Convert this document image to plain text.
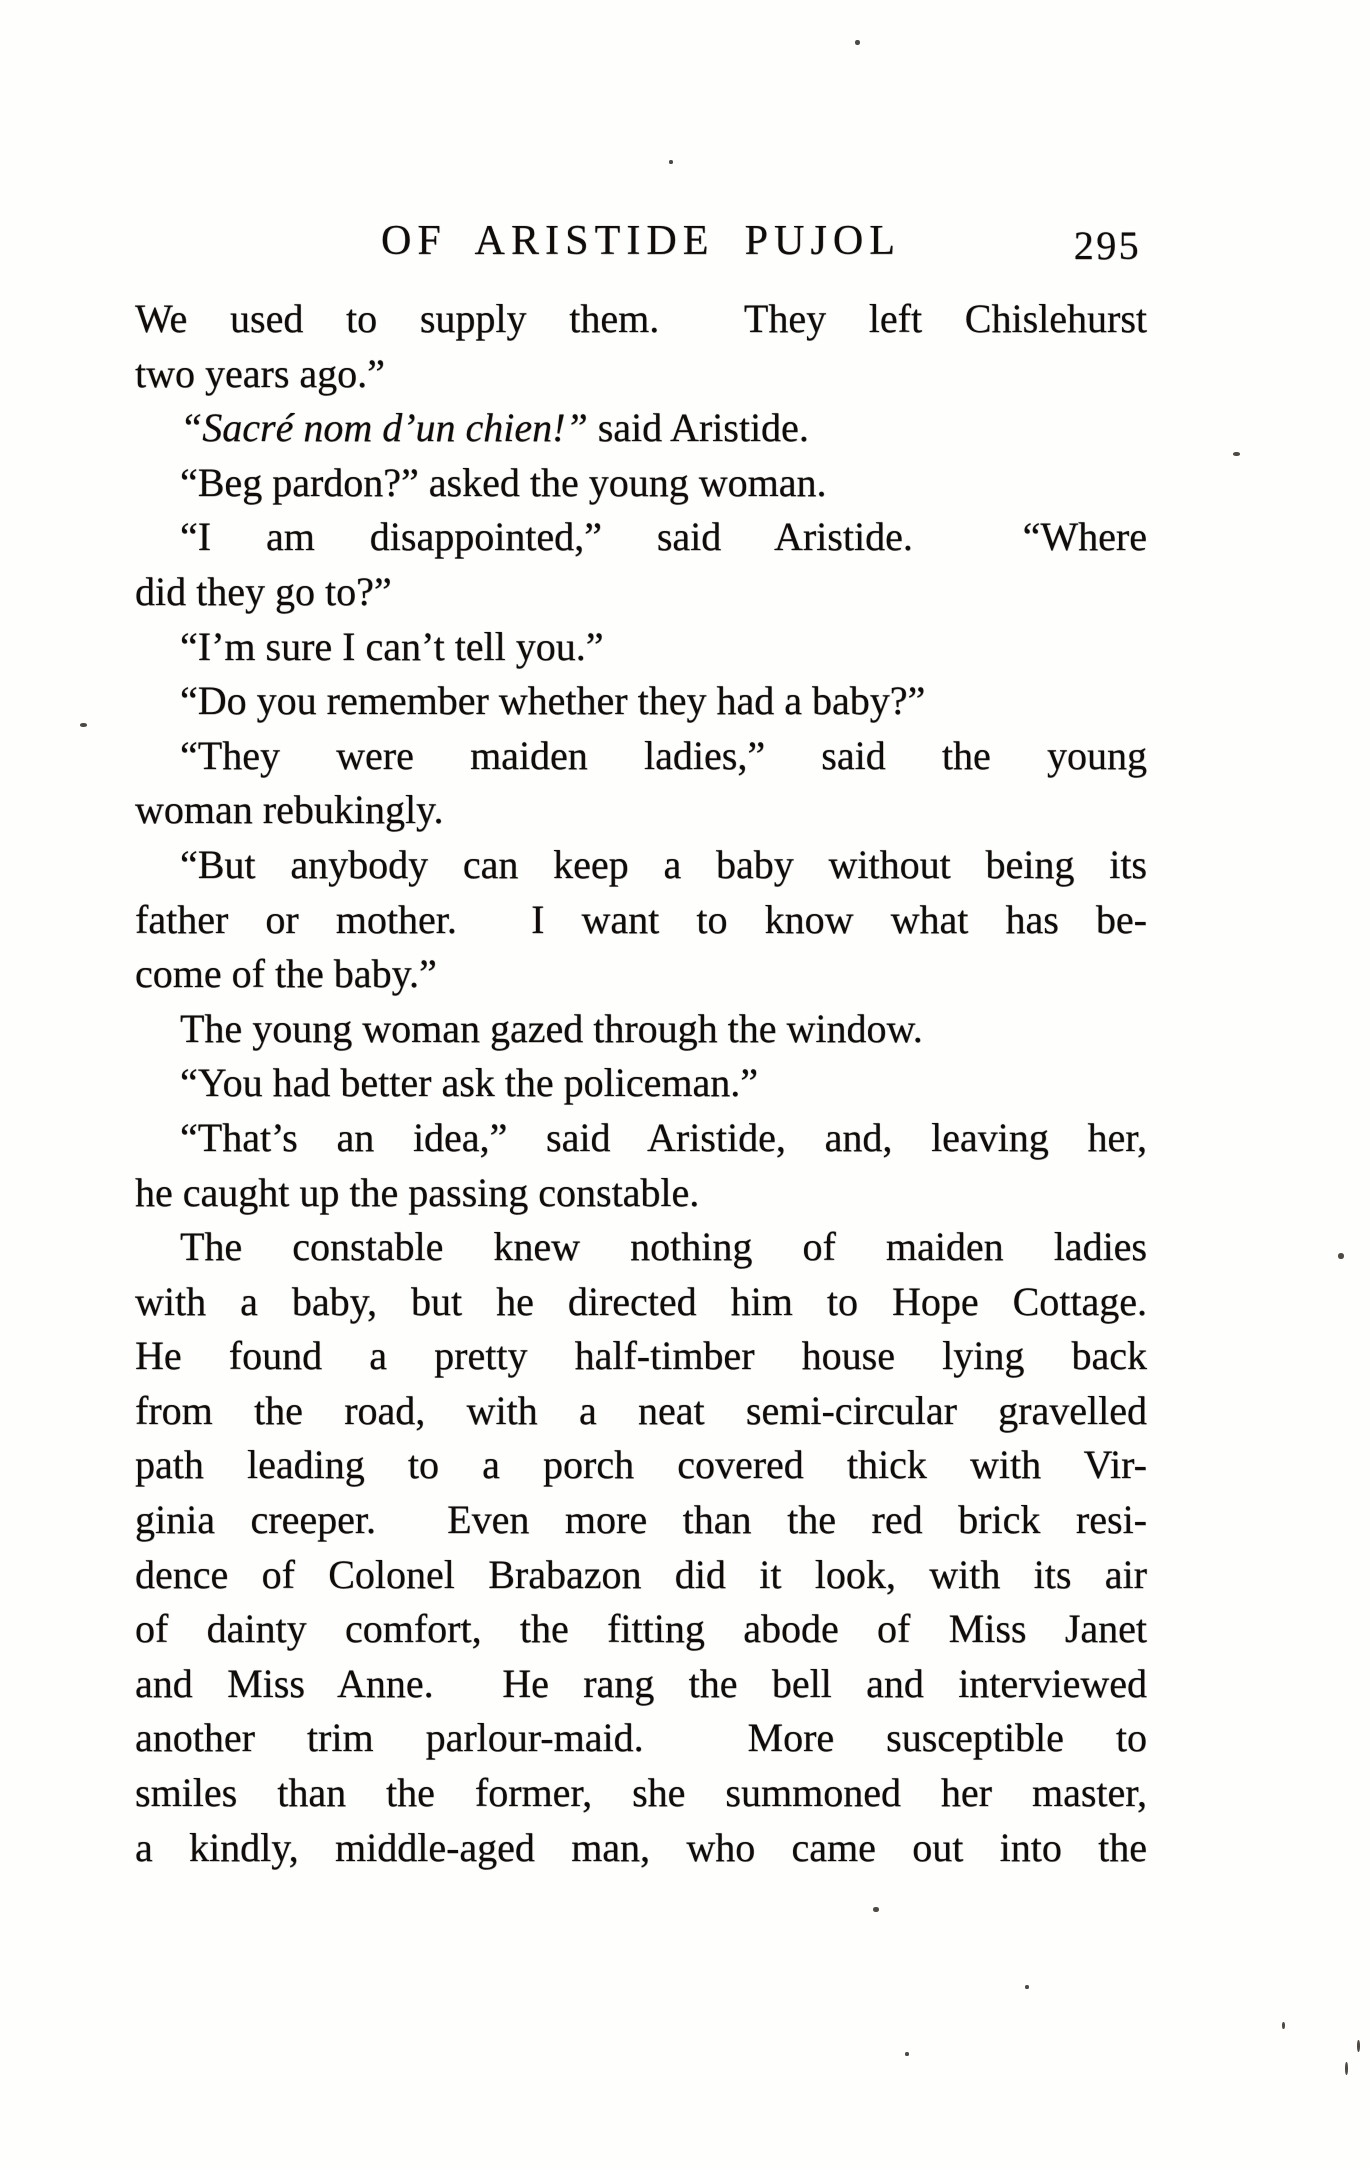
OF ARISTIDE PUJOL	295
We used to supply them.  They left Chislehurst
two years ago.”
“Sacré nom d’un chien!” said Aristide.
“Beg pardon?” asked the young woman.
“I am disappointed,” said Aristide.  “Where
did they go to?”
“I’m sure I can’t tell you.”
“Do you remember whether they had a baby?”
“They were maiden ladies,” said the young
woman rebukingly.
“But anybody can keep a baby without being its
father or mother.  I want to know what has be-
come of the baby.”
The young woman gazed through the window.
“You had better ask the policeman.”
“That’s an idea,” said Aristide, and, leaving her,
he caught up the passing constable.
The constable knew nothing of maiden ladies
with a baby, but he directed him to Hope Cottage.
He found a pretty half-timber house lying back
from the road, with a neat semi-circular gravelled
path leading to a porch covered thick with Vir-
ginia creeper.  Even more than the red brick resi-
dence of Colonel Brabazon did it look, with its air
of dainty comfort, the fitting abode of Miss Janet
and Miss Anne.  He rang the bell and interviewed
another trim parlour-maid.  More susceptible to
smiles than the former, she summoned her master,
a kindly, middle-aged man, who came out into the
